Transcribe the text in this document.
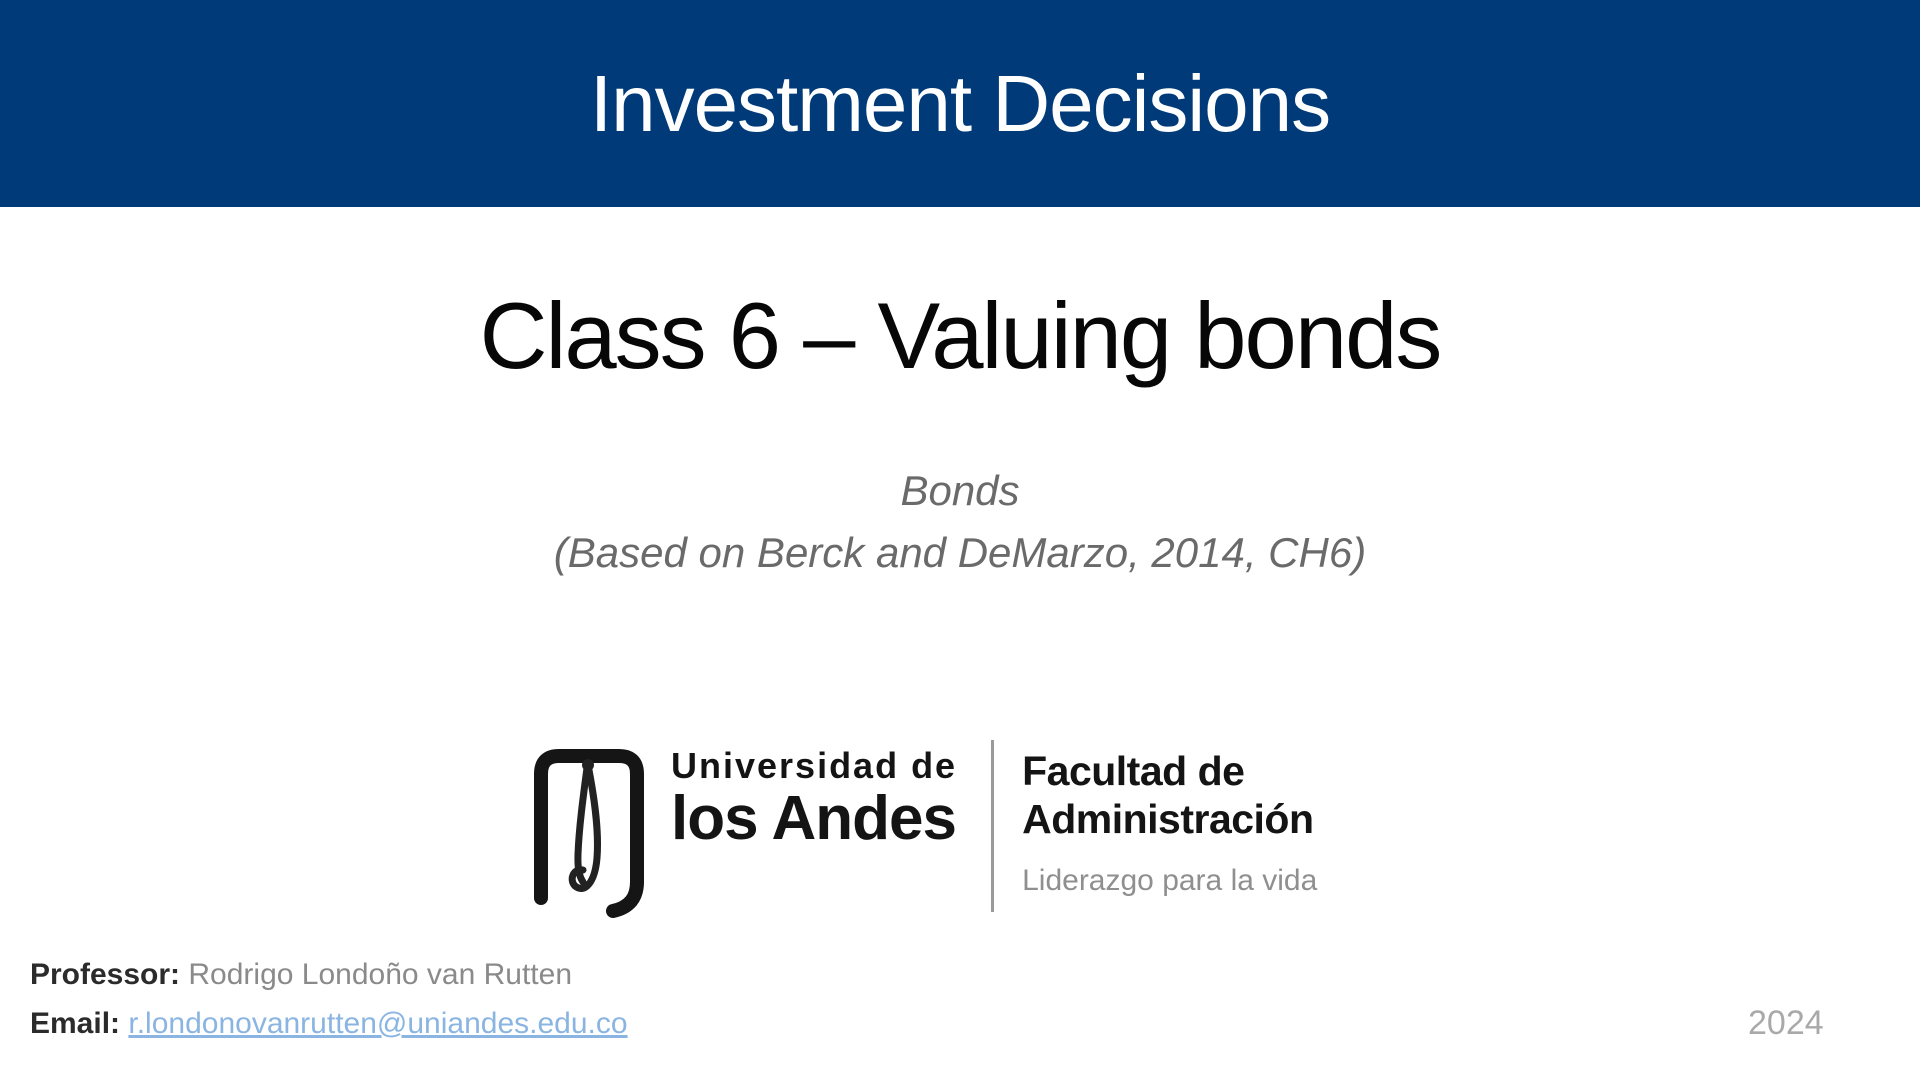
Investment Decisions
Class 6 – Valuing bonds
Bonds
(Based on Berck and DeMarzo, 2014, CH6)
Universidad de
los Andes
Facultad de
Administración
Liderazgo para la vida
Professor: Rodrigo Londoño van Rutten
Email: r.londonovanrutten@uniandes.edu.co	2024
